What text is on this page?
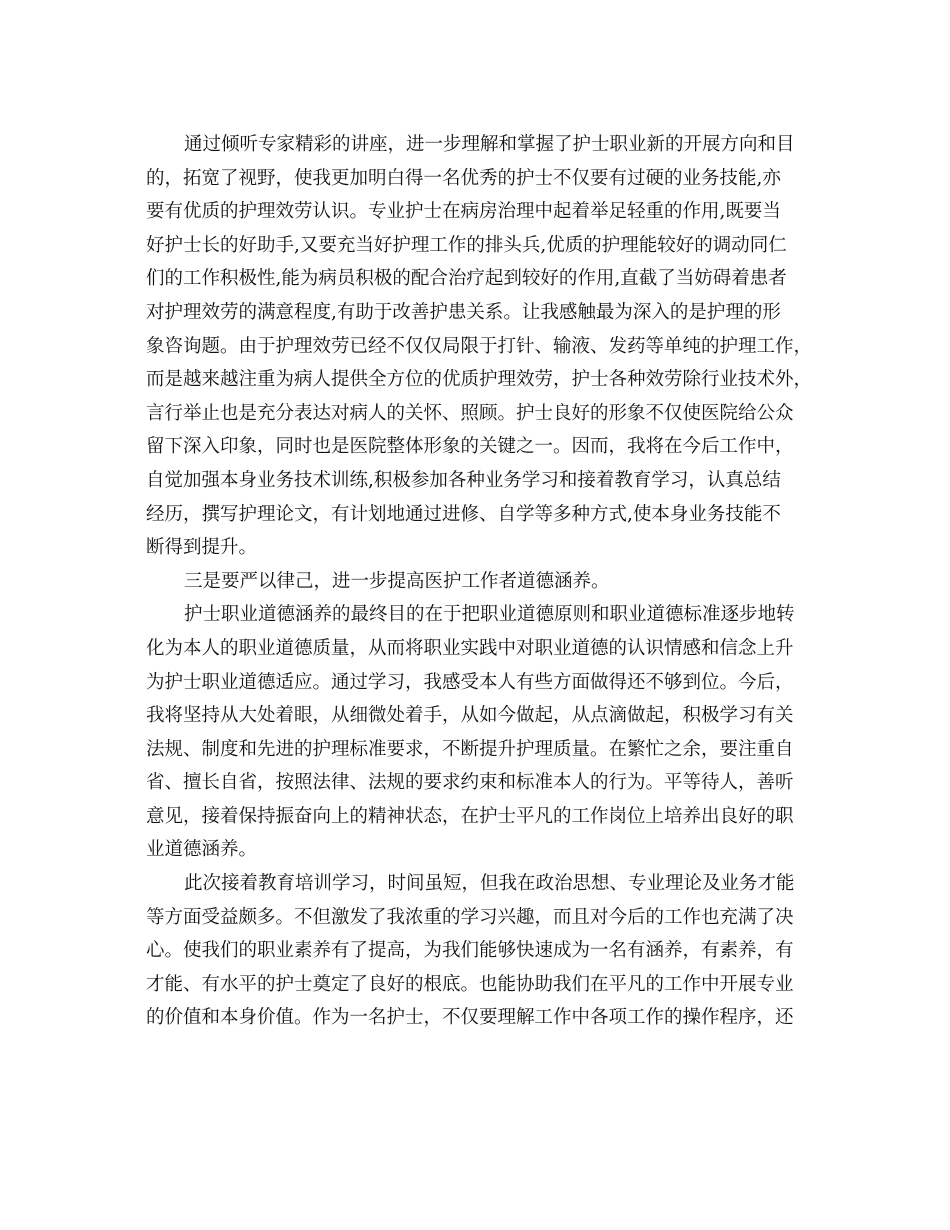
通过倾听专家精彩的讲座，进一步理解和掌握了护士职业新的开展方向和目
的，拓宽了视野，使我更加明白得一名优秀的护士不仅要有过硬的业务技能,亦
要有优质的护理效劳认识。专业护士在病房治理中起着举足轻重的作用,既要当
好护士长的好助手,又要充当好护理工作的排头兵,优质的护理能较好的调动同仁
们的工作积极性,能为病员积极的配合治疗起到较好的作用,直截了当妨碍着患者
对护理效劳的满意程度,有助于改善护患关系。让我感触最为深入的是护理的形
象咨询题。由于护理效劳已经不仅仅局限于打针、输液、发药等单纯的护理工作，
而是越来越注重为病人提供全方位的优质护理效劳，护士各种效劳除行业技术外，
言行举止也是充分表达对病人的关怀、照顾。护士良好的形象不仅使医院给公众
留下深入印象，同时也是医院整体形象的关键之一。因而，我将在今后工作中，
自觉加强本身业务技术训练,积极参加各种业务学习和接着教育学习，认真总结
经历，撰写护理论文，有计划地通过进修、自学等多种方式,使本身业务技能不
断得到提升。

三是要严以律己，进一步提高医护工作者道德涵养。

护士职业道德涵养的最终目的在于把职业道德原则和职业道德标准逐步地转
化为本人的职业道德质量，从而将职业实践中对职业道德的认识情感和信念上升
为护士职业道德适应。通过学习，我感受本人有些方面做得还不够到位。今后，
我将坚持从大处着眼，从细微处着手，从如今做起，从点滴做起，积极学习有关
法规、制度和先进的护理标准要求，不断提升护理质量。在繁忙之余，要注重自
省、擅长自省，按照法律、法规的要求约束和标准本人的行为。平等待人，善听
意见，接着保持振奋向上的精神状态，在护士平凡的工作岗位上培养出良好的职
业道德涵养。

此次接着教育培训学习，时间虽短，但我在政治思想、专业理论及业务才能
等方面受益颇多。不但激发了我浓重的学习兴趣，而且对今后的工作也充满了决
心。使我们的职业素养有了提高，为我们能够快速成为一名有涵养，有素养，有
才能、有水平的护士奠定了良好的根底。也能协助我们在平凡的工作中开展专业
的价值和本身价值。作为一名护士，不仅要理解工作中各项工作的操作程序，还
